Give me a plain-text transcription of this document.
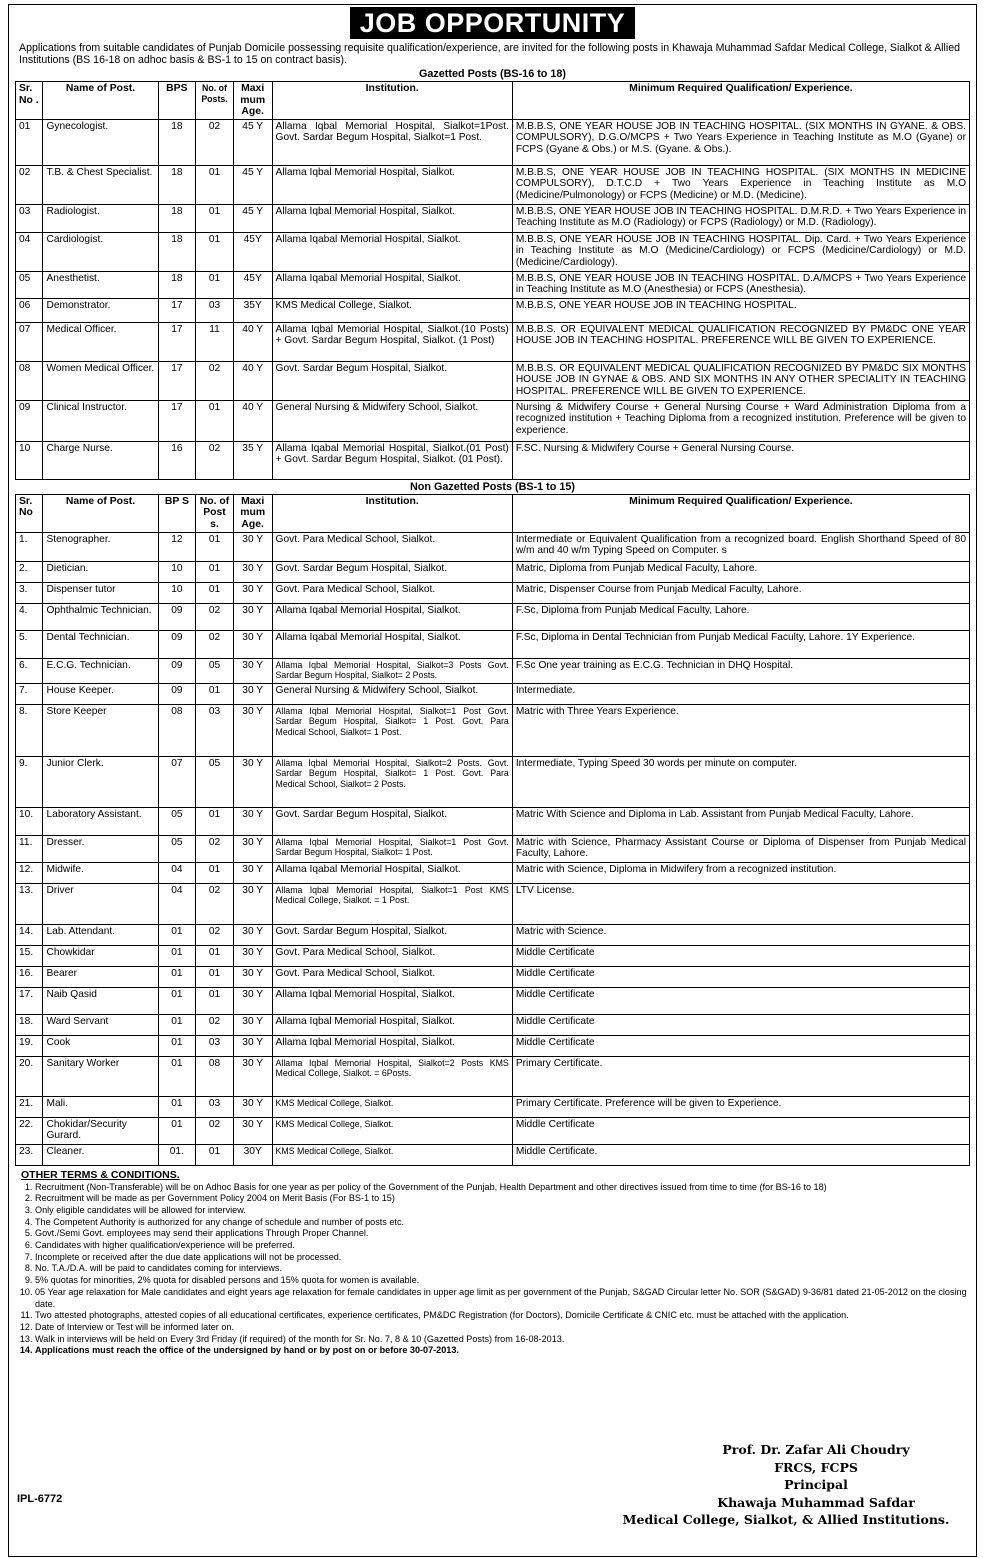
JOB OPPORTUNITY

Applications from suitable candidates of Punjab Domicile possessing requisite qualification/experience, are invited for the following posts in Khawaja Muhammad Safdar Medical College, Sialkot & Allied Institutions (BS 16-18 on adhoc basis & BS-1 to 15 on contract basis).

Gazetted Posts (BS-16 to 18)

Sr. No .	Name of Post.	BPS	No. of Posts.	Maxi mum Age.	Institution.	Minimum Required Qualification/ Experience.
01	Gynecologist.	18	02	45 Y	Allama Iqbal Memorial Hospital, Sialkot=1Post. Govt. Sardar Begum Hospital, Sialkot=1 Post.	M.B.B.S, ONE YEAR HOUSE JOB IN TEACHING HOSPITAL. (SIX MONTHS IN GYANE. & OBS. COMPULSORY), D.G.O/MCPS + Two Years Experience in Teaching Institute as M.O (Gyane) or FCPS (Gyane & Obs.) or M.S. (Gyane. & Obs.).
02	T.B. & Chest Specialist.	18	01	45 Y	Allama Iqbal Memorial Hospital, Sialkot.	M.B.B.S, ONE YEAR HOUSE JOB IN TEACHING HOSPITAL. (SIX MONTHS IN MEDICINE COMPULSORY), D.T.C.D + Two Years Experience in Teaching Institute as M.O (Medicine/Pulmonology) or FCPS (Medicine) or M.D. (Medicine).
03	Radiologist.	18	01	45 Y	Allama Iqbal Memorial Hospital, Sialkot.	M.B.B.S, ONE YEAR HOUSE JOB IN TEACHING HOSPITAL. D.M.R.D. + Two Years Experience in Teaching Institute as M.O (Radiology) or FCPS (Radiology) or M.D. (Radiology).
04	Cardiologist.	18	01	45Y	Allama Iqabal Memorial Hospital, Sialkot.	M.B.B.S, ONE YEAR HOUSE JOB IN TEACHING HOSPITAL. Dip. Card. + Two Years Experience in Teaching Institute as M.O (Medicine/Cardiology) or FCPS (Medicine/Cardiology) or M.D. (Medicine/Cardiology).
05	Anesthetist.	18	01	45Y	Allama Iqabal Memorial Hospital, Sialkot.	M.B.B.S, ONE YEAR HOUSE JOB IN TEACHING HOSPITAL. D.A/MCPS + Two Years Experience in Teaching Institute as M.O (Anesthesia) or FCPS (Anesthesia).
06	Demonstrator.	17	03	35Y	KMS Medical College, Sialkot.	M.B.B.S, ONE YEAR HOUSE JOB IN TEACHING HOSPITAL.
07	Medical Officer.	17	11	40 Y	Allama Iqbal Memorial Hospital, Sialkot.(10 Posts) + Govt. Sardar Begum Hospital, Sialkot. (1 Post)	M.B.B.S. OR EQUIVALENT MEDICAL QUALIFICATION RECOGNIZED BY PM&DC ONE YEAR HOUSE JOB IN TEACHING HOSPITAL. PREFERENCE WILL BE GIVEN TO EXPERIENCE.
08	Women Medical Officer.	17	02	40 Y	Govt. Sardar Begum Hospital, Sialkot.	M.B.B.S. OR EQUIVALENT MEDICAL QUALIFICATION RECOGNIZED BY PM&DC SIX MONTHS HOUSE JOB IN GYNAE & OBS. AND SIX MONTHS IN ANY OTHER SPECIALITY IN TEACHING HOSPITAL. PREFERENCE WILL BE GIVEN TO EXPERIENCE.
09	Clinical Instructor.	17	01	40 Y	General Nursing & Midwifery School, Sialkot.	Nursing & Midwifery Course + General Nursing Course + Ward Administration Diploma from a recognized institution + Teaching Diploma from a recognized institution. Preference will be given to experience.
10	Charge Nurse.	16	02	35 Y	Allama Iqabal Memorial Hospital, Sialkot.(01 Post) + Govt. Sardar Begum Hospital, Sialkot. (01 Post).	F.SC. Nursing & Midwifery Course + General Nursing Course.

Non Gazetted Posts (BS-1 to 15)

Sr. No	Name of Post.	BP S	No. of Post s.	Maxi mum Age.	Institution.	Minimum Required Qualification/ Experience.
1.	Stenographer.	12	01	30 Y	Govt. Para Medical School, Sialkot.	Intermediate or Equivalent Qualification from a recognized board. English Shorthand Speed of 80 w/m and 40 w/m Typing Speed on Computer. s
2.	Dietician.	10	01	30 Y	Govt. Sardar Begum Hospital, Sialkot.	Matric, Diploma from Punjab Medical Faculty, Lahore.
3.	Dispenser tutor	10	01	30 Y	Govt. Para Medical School, Sialkot.	Matric, Dispenser Course from Punjab Medical Faculty, Lahore.
4.	Ophthalmic Technician.	09	02	30 Y	Allama Iqabal Memorial Hospital, Sialkot.	F.Sc, Diploma from Punjab Medical Faculty, Lahore.
5.	Dental Technician.	09	02	30 Y	Allama Iqabal Memorial Hospital, Sialkot.	F.Sc, Diploma in Dental Technician from Punjab Medical Faculty, Lahore. 1Y Experience.
6.	E.C.G. Technician.	09	05	30 Y	Allama Iqbal Memorial Hospital, Sialkot=3 Posts Govt. Sardar Begum Hospital, Sialkot= 2 Posts.	F.Sc One year training as E.C.G. Technician in DHQ Hospital.
7.	House Keeper.	09	01	30 Y	General Nursing & Midwifery School, Sialkot.	Intermediate.
8.	Store Keeper	08	03	30 Y	Allama Iqbal Memorial Hospital, Sialkot=1 Post Govt. Sardar Begum Hospital, Sialkot= 1 Post. Govt. Para Medical School, Sialkot= 1 Post.	Matric with Three Years Experience.
9.	Junior Clerk.	07	05	30 Y	Allama Iqbal Memorial Hospital, Sialkot=2 Posts. Govt. Sardar Begum Hospital, Sialkot= 1 Post. Govt. Para Medical School, Sialkot= 2 Posts.	Intermediate, Typing Speed 30 words per minute on computer.
10.	Laboratory Assistant.	05	01	30 Y	Govt. Sardar Begum Hospital, Sialkot.	Matric With Science and Diploma in Lab. Assistant from Punjab Medical Faculty, Lahore.
11.	Dresser.	05	02	30 Y	Allama Iqbal Memorial Hospital, Sialkot=1 Post Govt. Sardar Begum Hospital, Sialkot= 1 Post.	Matric with Science, Pharmacy Assistant Course or Diploma of Dispenser from Punjab Medical Faculty, Lahore.
12.	Midwife.	04	01	30 Y	Allama Iqabal Memorial Hospital, Sialkot.	Matric with Science, Diploma in Midwifery from a recognized institution.
13.	Driver	04	02	30 Y	Allama Iqbal Memorial Hospital, Sialkot=1 Post KMS Medical College, Sialkot. = 1 Post.	LTV License.
14.	Lab. Attendant.	01	02	30 Y	Govt. Sardar Begum Hospital, Sialkot.	Matric with Science.
15.	Chowkidar	01	01	30 Y	Govt. Para Medical School, Sialkot.	Middle Certificate
16.	Bearer	01	01	30 Y	Govt. Para Medical School, Sialkot.	Middle Certificate
17.	Naib Qasid	01	01	30 Y	Allama Iqbal Memorial Hospital, Sialkot.	Middle Certificate
18.	Ward Servant	01	02	30 Y	Allama Iqbal Memorial Hospital, Sialkot.	Middle Certificate
19.	Cook	01	03	30 Y	Allama Iqbal Memorial Hospital, Sialkot.	Middle Certificate
20.	Sanitary Worker	01	08	30 Y	Allama Iqbal Memorial Hospital, Sialkot=2 Posts KMS Medical College, Sialkot. = 6Posts.	Primary Certificate.
21.	Mali.	01	03	30 Y	KMS Medical College, Sialkot.	Primary Certificate. Preference will be given to Experience.
22.	Chokidar/Security Gurard.	01	02	30 Y	KMS Medical College, Sialkot.	Middle Certificate
23.	Cleaner.	01.	01	30Y	KMS Medical College, Sialkot.	Middle Certificate.
OTHER TERMS & CONDITIONS.
1. Recruitment (Non-Transferable) will be on Adhoc Basis for one year as per policy of the Government of the Punjab, Health Department and other directives issued from time to time (for BS-16 to 18)
2. Recruitment will be made as per Government Policy 2004 on Merit Basis (For BS-1 to 15)
3. Only eligible candidates will be allowed for interview.
4. The Competent Authority is authorized for any change of schedule and number of posts etc.
5. Govt./Semi Govt. employees may send their applications Through Proper Channel.
6. Candidates with higher qualification/experience will be preferred.
7. Incomplete or received after the due date applications will not be processed.
8. No. T.A./D.A. will be paid to candidates coming for interviews.
9. 5% quotas for minorities, 2% quota for disabled persons and 15% quota for women is available.
10. 05 Year age relaxation for Male candidates and eight years age relaxation for female candidates in upper age limit as per government of the Punjab, S&GAD Circular letter No. SOR (S&GAD) 9-36/81 dated 21-05-2012 on the closing date.
11. Two attested photographs, attested copies of all educational certificates, experience certificates, PM&DC Registration (for Doctors), Domicile Certificate & CNIC etc. must be attached with the application.
12. Date of Interview or Test will be informed later on.
13. Walk in interviews will be held on Every 3rd Friday (if required) of the month for Sr. No. 7, 8 & 10 (Gazetted Posts) from 16-08-2013.
14. Applications must reach the office of the undersigned by hand or by post on or before 30-07-2013.
IPL-6772
Prof. Dr. Zafar Ali Choudry
FRCS, FCPS
Principal
Khawaja Muhammad Safdar
Medical College, Sialkot, & Allied Institutions.
